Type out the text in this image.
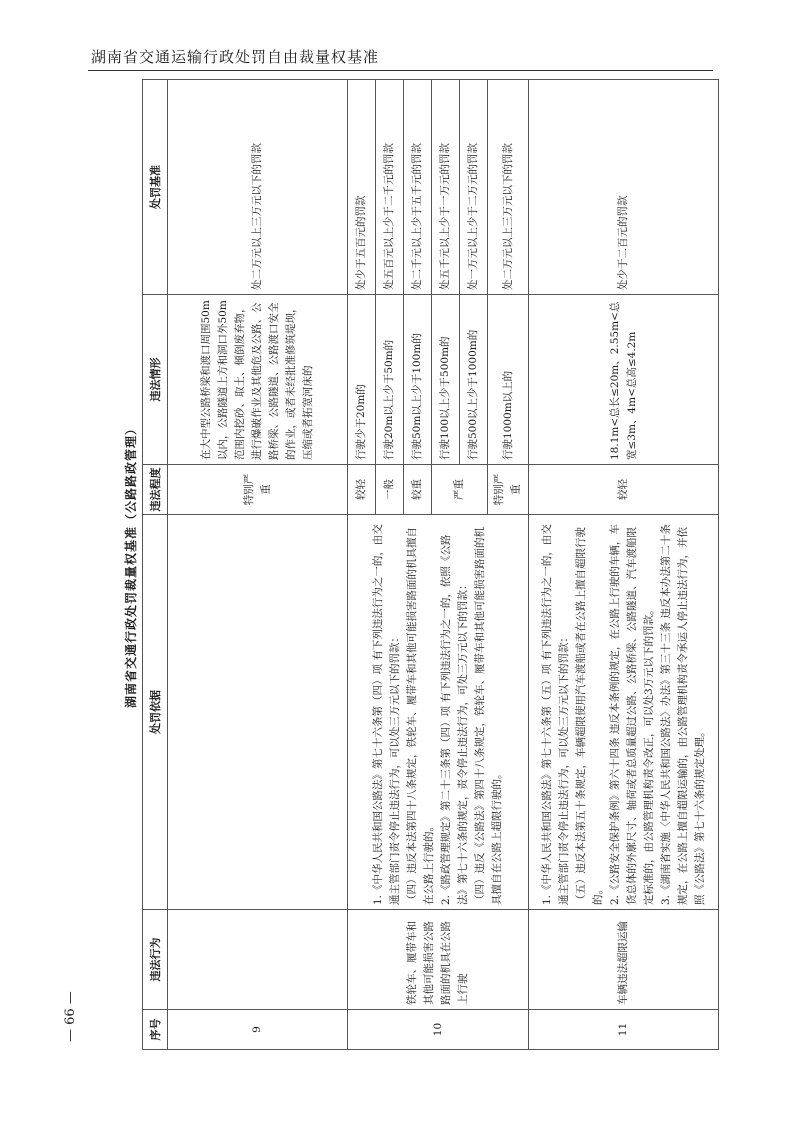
湖南省交通运输行政处罚自由裁量权基准
— 66 —
湖南省交通行政处罚裁量权基准（公路路政管理）
序号	违法行为	处罚依据	违法程度	违法情形	处罚基准
9			特别严重	在大中型公路桥梁和渡口周围50m以内，公路隧道上方和洞口外50m范围内挖砂、取土、倾倒废弃物，进行爆破作业及其他危及公路、公路桥梁、公路隧道、公路渡口安全的作业，或者未经批准修筑堤坝，压缩或者拓宽河床的	处二万元以上三万元以下的罚款
10	铁轮车、履带车和其他可能损害公路路面的机具在公路上行驶	1.《中华人民共和国公路法》第七十六条第（四）项 有下列违法行为之一的，由交通主管部门责令停止违法行为，可以处三万元以下的罚款： （四）违反本法第四十八条规定，铁轮车、履带车和其他可能损害路面的机具擅自在公路上行驶的。 2.《路政管理规定》第二十三条第（四）项 有下列违法行为之一的，依照《公路法》第七十六条的规定，责令停止违法行为，可处三万元以下的罚款： （四）违反《公路法》第四十八条规定，铁轮车、履带车和其他可能损害路面的机具擅自在公路上超限行驶的。	较轻	行驶少于20m的	处少于五百元的罚款
			一般	行驶20m以上少于50m的	处五百元以上少于二千元的罚款
			较重	行驶50m以上少于100m的	处二千元以上少于五千元的罚款
			严重	行驶100以上少于500m的	处五千元以上少于一万元的罚款
				行驶500以上少于1000m的	处一万元以上少于二万元的罚款
			特别严重	行驶1000m以上的	处二万元以上三万元以下的罚款
11	车辆违法超限运输	1.《中华人民共和国公路法》第七十六条第（五）项 有下列违法行为之一的，由交通主管部门责令停止违法行为，可以处三万元以下的罚款： （五）违反本法第五十条规定，车辆超限使用汽车渡船或者在公路上擅自超限行驶的。 2.《公路安全保护条例》第六十四条 违反本条例的规定，在公路上行驶的车辆，车货总体的外廓尺寸、轴荷或者总质量超过公路、公路桥梁、公路隧道、汽车渡船限定标准的，由公路管理机构责令改正，可以处3万元以下的罚款。 3.《湖南省实施〈中华人民共和国公路法〉办法》第三十三条 违反本办法第二十条规定，在公路上擅自超限运输的，由公路管理机构责令承运人停止违法行为，并依照《公路法》第七十六条的规定处理。	较轻	18.1m<总长≤20m、2.55m<总宽≤3m、4m<总高≤4.2m	处少于二百元的罚款
